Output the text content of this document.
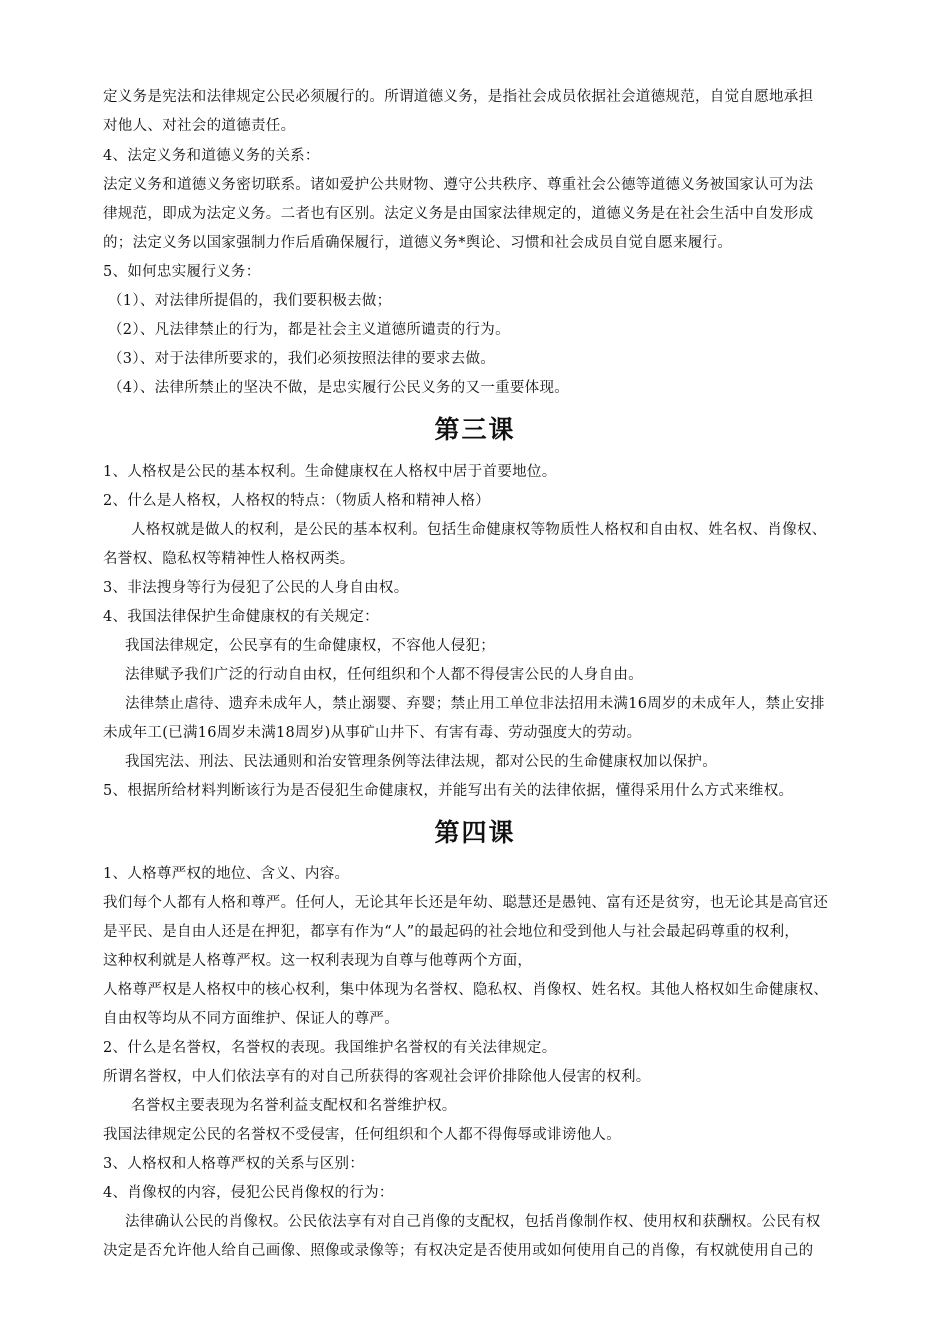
定义务是宪法和法律规定公民必须履行的。所谓道德义务，是指社会成员依据社会道德规范，自觉自愿地承担
对他人、对社会的道德责任。
4、法定义务和道德义务的关系：
法定义务和道德义务密切联系。诸如爱护公共财物、遵守公共秩序、尊重社会公德等道德义务被国家认可为法
律规范，即成为法定义务。二者也有区别。法定义务是由国家法律规定的，道德义务是在社会生活中自发形成
的；法定义务以国家强制力作后盾确保履行，道德义务*舆论、习惯和社会成员自觉自愿来履行。
5、如何忠实履行义务：
（1）、对法律所提倡的，我们要积极去做；
（2）、凡法律禁止的行为，都是社会主义道德所谴责的行为。
（3）、对于法律所要求的，我们必须按照法律的要求去做。
（4）、法律所禁止的坚决不做，是忠实履行公民义务的又一重要体现。
第三课
1、人格权是公民的基本权利。生命健康权在人格权中居于首要地位。
2、什么是人格权，人格权的特点：（物质人格和精神人格）
人格权就是做人的权利，是公民的基本权利。包括生命健康权等物质性人格权和自由权、姓名权、肖像权、
名誉权、隐私权等精神性人格权两类。
3、非法搜身等行为侵犯了公民的人身自由权。
4、我国法律保护生命健康权的有关规定：
我国法律规定，公民享有的生命健康权，不容他人侵犯；
法律赋予我们广泛的行动自由权，任何组织和个人都不得侵害公民的人身自由。
法律禁止虐待、遗弃未成年人，禁止溺婴、弃婴；禁止用工单位非法招用未满16周岁的未成年人，禁止安排
未成年工(已满16周岁未满18周岁)从事矿山井下、有害有毒、劳动强度大的劳动。
我国宪法、刑法、民法通则和治安管理条例等法律法规，都对公民的生命健康权加以保护。
5、根据所给材料判断该行为是否侵犯生命健康权，并能写出有关的法律依据，懂得采用什么方式来维权。
第四课
1、人格尊严权的地位、含义、内容。
我们每个人都有人格和尊严。任何人，无论其年长还是年幼、聪慧还是愚钝、富有还是贫穷，也无论其是高官还
是平民、是自由人还是在押犯，都享有作为“人”的最起码的社会地位和受到他人与社会最起码尊重的权利，
这种权利就是人格尊严权。这一权利表现为自尊与他尊两个方面，
人格尊严权是人格权中的核心权利，集中体现为名誉权、隐私权、肖像权、姓名权。其他人格权如生命健康权、
自由权等均从不同方面维护、保证人的尊严。
2、什么是名誉权，名誉权的表现。我国维护名誉权的有关法律规定。
所谓名誉权，中人们依法享有的对自己所获得的客观社会评价排除他人侵害的权利。
名誉权主要表现为名誉利益支配权和名誉维护权。
我国法律规定公民的名誉权不受侵害，任何组织和个人都不得侮辱或诽谤他人。
3、人格权和人格尊严权的关系与区别：
4、肖像权的内容，侵犯公民肖像权的行为：
法律确认公民的肖像权。公民依法享有对自己肖像的支配权，包括肖像制作权、使用权和获酬权。公民有权
决定是否允许他人给自己画像、照像或录像等；有权决定是否使用或如何使用自己的肖像，有权就使用自己的
